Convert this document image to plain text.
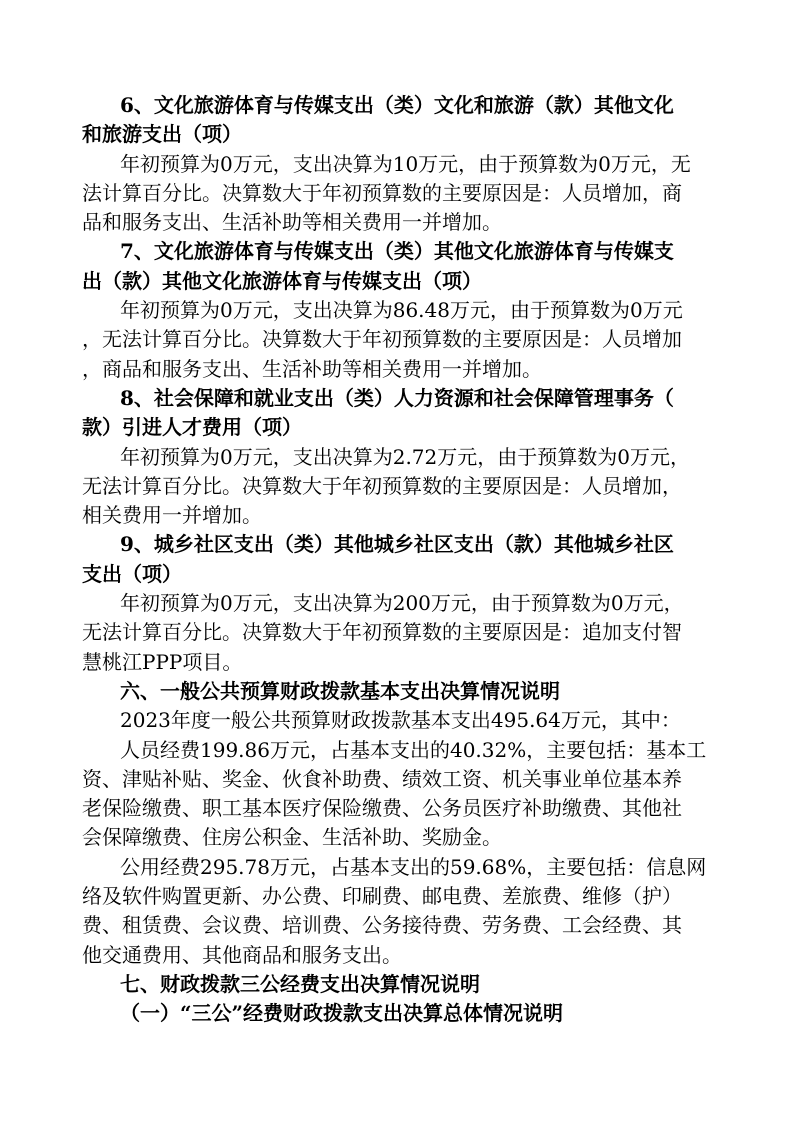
6、文化旅游体育与传媒支出（类）文化和旅游（款）其他文化
和旅游支出（项）
年初预算为0万元，支出决算为10万元，由于预算数为0万元，无
法计算百分比。决算数大于年初预算数的主要原因是：人员增加，商
品和服务支出、生活补助等相关费用一并增加。
7、文化旅游体育与传媒支出（类）其他文化旅游体育与传媒支
出（款）其他文化旅游体育与传媒支出（项）
年初预算为0万元，支出决算为86.48万元，由于预算数为0万元
，无法计算百分比。决算数大于年初预算数的主要原因是：人员增加
，商品和服务支出、生活补助等相关费用一并增加。
8、社会保障和就业支出（类）人力资源和社会保障管理事务（
款）引进人才费用（项）
年初预算为0万元，支出决算为2.72万元，由于预算数为0万元，
无法计算百分比。决算数大于年初预算数的主要原因是：人员增加，
相关费用一并增加。
9、城乡社区支出（类）其他城乡社区支出（款）其他城乡社区
支出（项）
年初预算为0万元，支出决算为200万元，由于预算数为0万元，
无法计算百分比。决算数大于年初预算数的主要原因是：追加支付智
慧桃江PPP项目。
六、一般公共预算财政拨款基本支出决算情况说明
2023年度一般公共预算财政拨款基本支出495.64万元，其中：
人员经费199.86万元，占基本支出的40.32%，主要包括：基本工
资、津贴补贴、奖金、伙食补助费、绩效工资、机关事业单位基本养
老保险缴费、职工基本医疗保险缴费、公务员医疗补助缴费、其他社
会保障缴费、住房公积金、生活补助、奖励金。
公用经费295.78万元，占基本支出的59.68%，主要包括：信息网
络及软件购置更新、办公费、印刷费、邮电费、差旅费、维修（护）
费、租赁费、会议费、培训费、公务接待费、劳务费、工会经费、其
他交通费用、其他商品和服务支出。
七、财政拨款三公经费支出决算情况说明
（一）“三公”经费财政拨款支出决算总体情况说明
